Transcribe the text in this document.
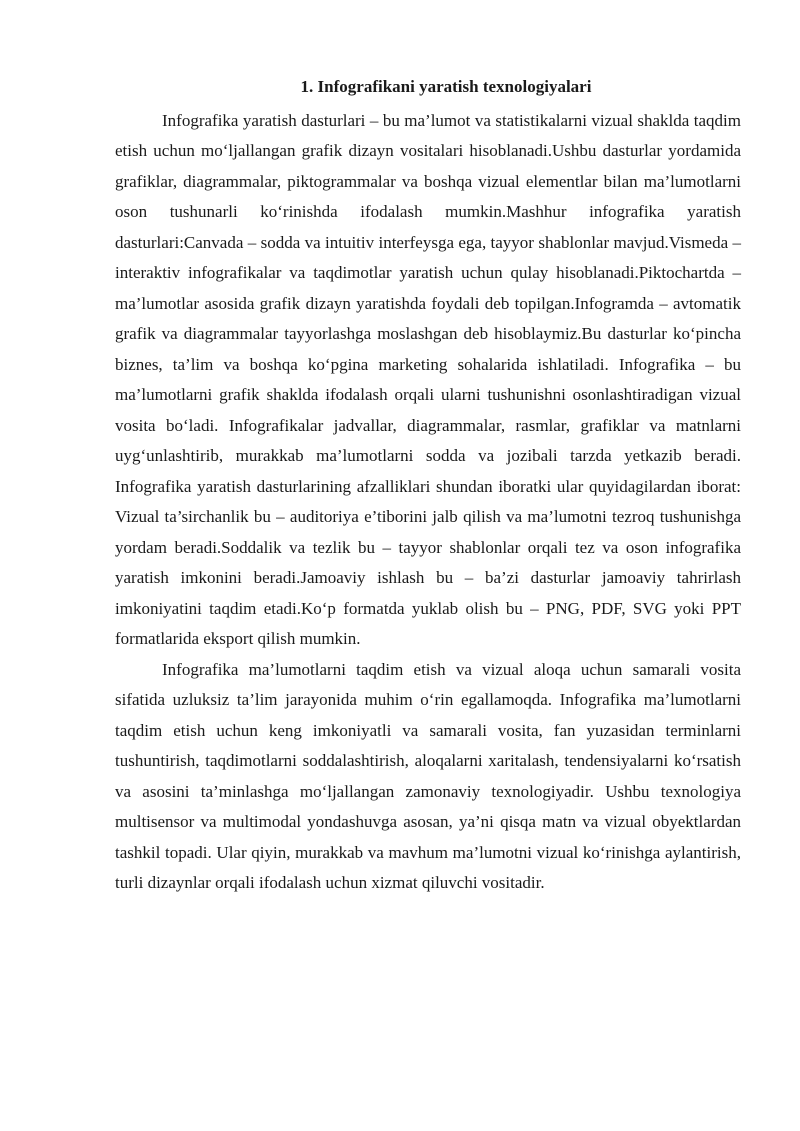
1. Infografikani yaratish texnologiyalari

Infografika yaratish dasturlari – bu ma’lumot va statistikalarni vizual shaklda taqdim etish uchun mo‘ljallangan grafik dizayn vositalari hisoblanadi.Ushbu dasturlar yordamida grafiklar, diagrammalar, piktogrammalar va boshqa vizual elementlar bilan ma’lumotlarni oson tushunarli ko‘rinishda ifodalash mumkin.Mashhur infografika yaratish dasturlari:Canvada – sodda va intuitiv interfeysga ega, tayyor shablonlar mavjud.Vismeda – interaktiv infografikalar va taqdimotlar yaratish uchun qulay hisoblanadi.Piktochartda – ma’lumotlar asosida grafik dizayn yaratishda foydali deb topilgan.Infogramda – avtomatik grafik va diagrammalar tayyorlashga moslashgan deb hisoblaymiz.Bu dasturlar ko‘pincha biznes, ta’lim va boshqa ko‘pgina marketing sohalarida ishlatiladi. Infografika – bu ma’lumotlarni grafik shaklda ifodalash orqali ularni tushunishni osonlashtiradigan vizual vosita bo‘ladi. Infografikalar jadvallar, diagrammalar, rasmlar, grafiklar va matnlarni uyg‘unlashtirib, murakkab ma’lumotlarni sodda va jozibali tarzda yetkazib beradi. Infografika yaratish dasturlarining afzalliklari shundan iboratki ular quyidagilardan iborat: Vizual ta’sirchanlik bu – auditoriya e’tiborini jalb qilish va ma’lumotni tezroq tushunishga yordam beradi.Soddalik va tezlik bu – tayyor shablonlar orqali tez va oson infografika yaratish imkonini beradi.Jamoaviy ishlash bu – ba’zi dasturlar jamoaviy tahrirlash imkoniyatini taqdim etadi.Ko‘p formatda yuklab olish bu – PNG, PDF, SVG yoki PPT formatlarida eksport qilish mumkin.

Infografika ma’lumotlarni taqdim etish va vizual aloqa uchun samarali vosita sifatida uzluksiz ta’lim jarayonida muhim o‘rin egallamoqda. Infografika ma’lumotlarni taqdim etish uchun keng imkoniyatli va samarali vosita, fan yuzasidan terminlarni tushuntirish, taqdimotlarni soddalashtirish, aloqalarni xaritalash, tendensiyalarni ko‘rsatish va asosini ta’minlashga mo‘ljallangan zamonaviy texnologiyadir. Ushbu texnologiya multisensor va multimodal yondashuvga asosan, ya’ni qisqa matn va vizual obyektlardan tashkil topadi. Ular qiyin, murakkab va mavhum ma’lumotni vizual ko‘rinishga aylantirish, turli dizaynlar orqali ifodalash uchun xizmat qiluvchi vositadir.
